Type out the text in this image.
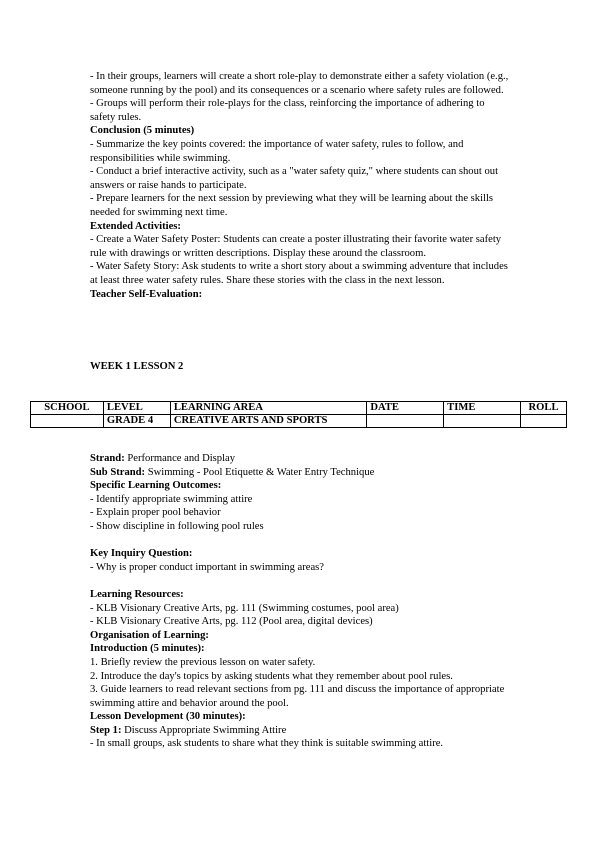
- In their groups, learners will create a short role-play to demonstrate either a safety violation (e.g., someone running by the pool) and its consequences or a scenario where safety rules are followed.

- Groups will perform their role-plays for the class, reinforcing the importance of adhering to safety rules.

Conclusion (5 minutes)

- Summarize the key points covered: the importance of water safety, rules to follow, and responsibilities while swimming.

- Conduct a brief interactive activity, such as a "water safety quiz," where students can shout out answers or raise hands to participate.

- Prepare learners for the next session by previewing what they will be learning about the skills needed for swimming next time.

Extended Activities:

- Create a Water Safety Poster: Students can create a poster illustrating their favorite water safety rule with drawings or written descriptions. Display these around the classroom.

- Water Safety Story: Ask students to write a short story about a swimming adventure that includes at least three water safety rules. Share these stories with the class in the next lesson.

Teacher Self-Evaluation:

WEEK 1 LESSON 2
SCHOOL	LEVEL	LEARNING AREA	DATE	TIME	ROLL
	GRADE 4	CREATIVE ARTS AND SPORTS			

Strand: Performance and Display

Sub Strand: Swimming - Pool Etiquette & Water Entry Technique

Specific Learning Outcomes:

- Identify appropriate swimming attire

- Explain proper pool behavior

- Show discipline in following pool rules

Key Inquiry Question:

- Why is proper conduct important in swimming areas?

Learning Resources:

- KLB Visionary Creative Arts, pg. 111 (Swimming costumes, pool area)

- KLB Visionary Creative Arts, pg. 112 (Pool area, digital devices)

Organisation of Learning:

Introduction (5 minutes):

1. Briefly review the previous lesson on water safety.

2. Introduce the day's topics by asking students what they remember about pool rules.

3. Guide learners to read relevant sections from pg. 111 and discuss the importance of appropriate swimming attire and behavior around the pool.

Lesson Development (30 minutes):

Step 1: Discuss Appropriate Swimming Attire

- In small groups, ask students to share what they think is suitable swimming attire.
